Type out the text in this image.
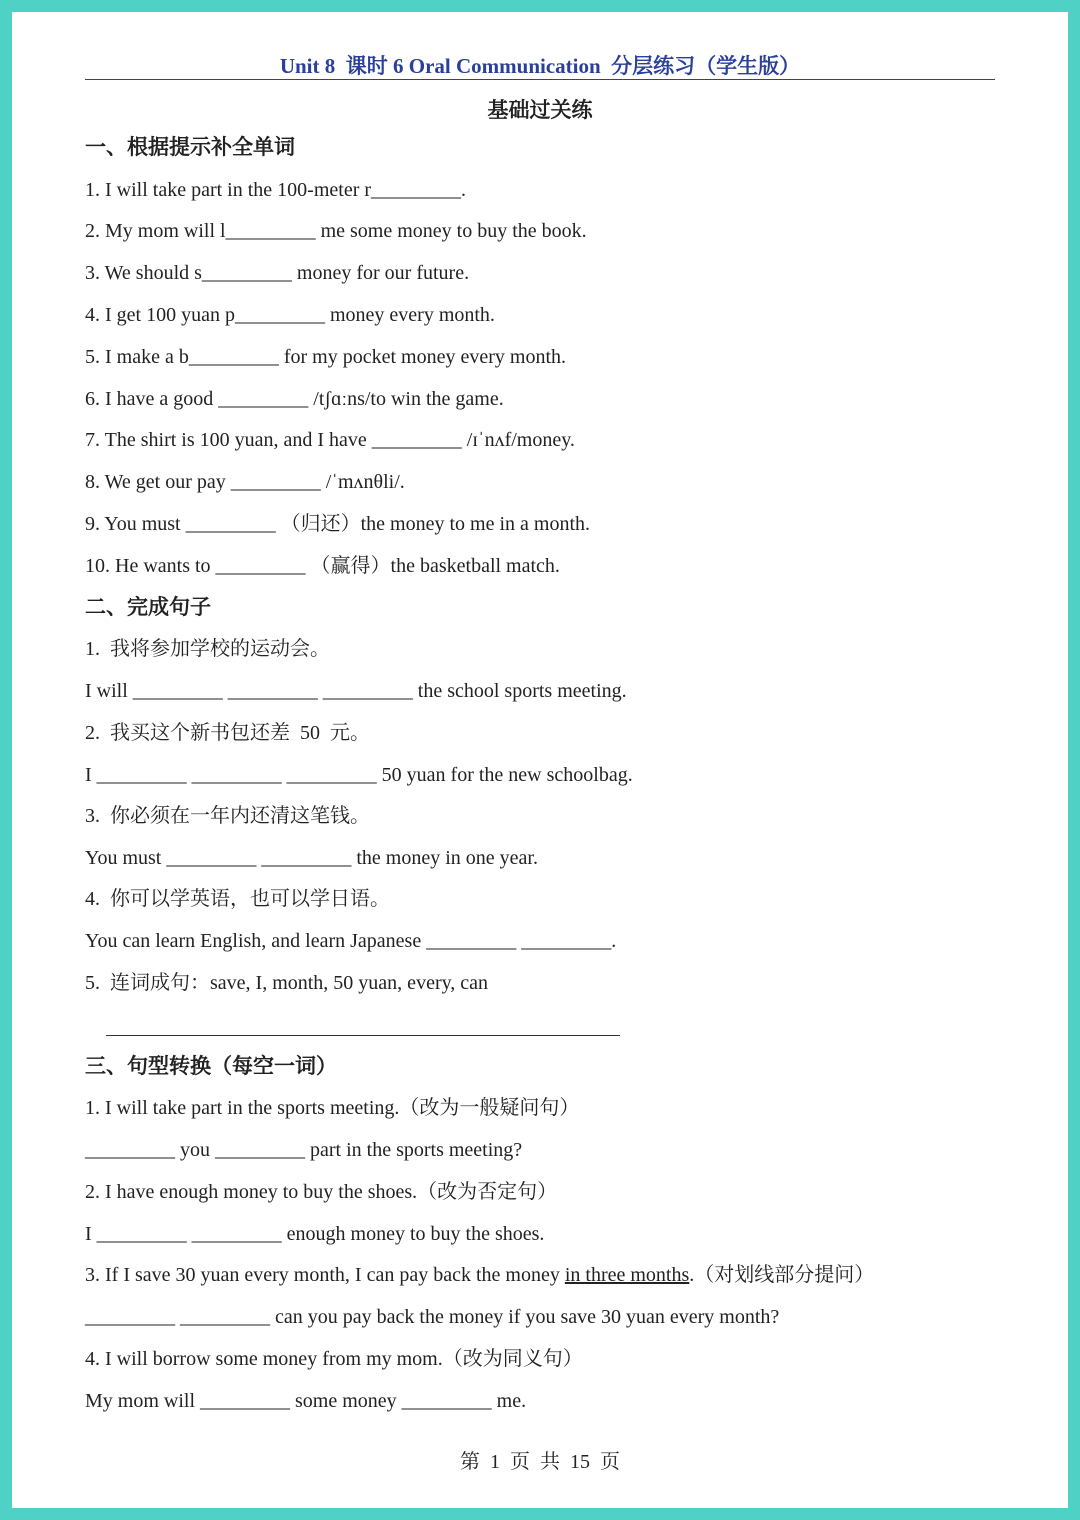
Unit 8  课时 6 Oral Communication  分层练习（学生版）
基础过关练
一、根据提示补全单词
1. I will take part in the 100-meter r_________.
2. My mom will l_________ me some money to buy the book.
3. We should s_________ money for our future.
4. I get 100 yuan p_________ money every month.
5. I make a b_________ for my pocket money every month.
6. I have a good _________ /tʃɑːns/to win the game.
7. The shirt is 100 yuan, and I have _________ /ɪˈnʌf/money.
8. We get our pay _________ /ˈmʌnθli/.
9. You must _________ （归还）the money to me in a month.
10. He wants to _________ （赢得）the basketball match.
二、完成句子
1.  我将参加学校的运动会。
I will _________ _________ _________ the school sports meeting.
2.  我买这个新书包还差  50  元。
I _________ _________ _________ 50 yuan for the new schoolbag.
3.  你必须在一年内还清这笔钱。
You must _________ _________ the money in one year.
4.  你可以学英语，也可以学日语。
You can learn English, and learn Japanese _________ _________.
5.  连词成句：save, I, month, 50 yuan, every, can
三、句型转换（每空一词）
1. I will take part in the sports meeting.（改为一般疑问句）
_________ you _________ part in the sports meeting?
2. I have enough money to buy the shoes.（改为否定句）
I _________ _________ enough money to buy the shoes.
3. If I save 30 yuan every month, I can pay back the money in three months.（对划线部分提问）
_________ _________ can you pay back the money if you save 30 yuan every month?
4. I will borrow some money from my mom.（改为同义句）
My mom will _________ some money _________ me.
第  1  页  共  15  页
